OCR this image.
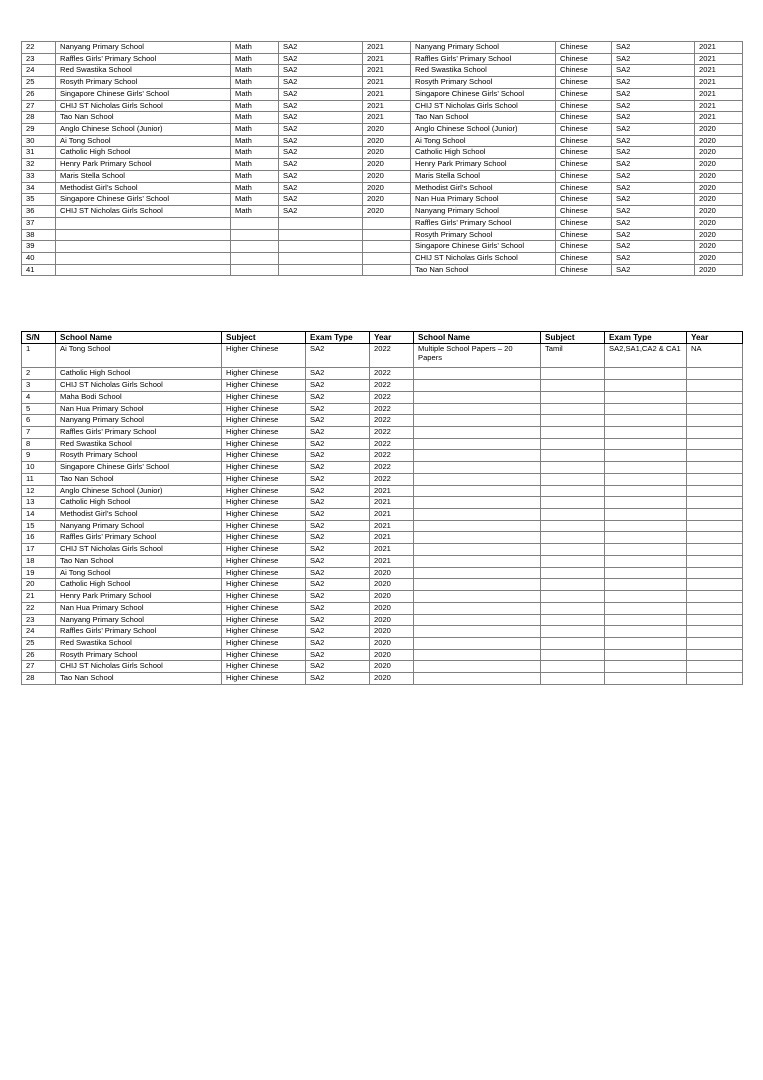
22	Nanyang Primary School	Math	SA2	2021	Nanyang Primary School	Chinese	SA2	2021
23	Raffles Girls’ Primary School	Math	SA2	2021	Raffles Girls’ Primary School	Chinese	SA2	2021
24	Red Swastika School	Math	SA2	2021	Red Swastika School	Chinese	SA2	2021
25	Rosyth Primary School	Math	SA2	2021	Rosyth Primary School	Chinese	SA2	2021
26	Singapore Chinese Girls’ School	Math	SA2	2021	Singapore Chinese Girls’ School	Chinese	SA2	2021
27	CHIJ ST Nicholas Girls School	Math	SA2	2021	CHIJ ST Nicholas Girls School	Chinese	SA2	2021
28	Tao Nan School	Math	SA2	2021	Tao Nan School	Chinese	SA2	2021
29	Anglo Chinese School (Junior)	Math	SA2	2020	Anglo Chinese School (Junior)	Chinese	SA2	2020
30	Ai Tong School	Math	SA2	2020	Ai Tong School	Chinese	SA2	2020
31	Catholic High School	Math	SA2	2020	Catholic High School	Chinese	SA2	2020
32	Henry Park Primary School	Math	SA2	2020	Henry Park Primary School	Chinese	SA2	2020
33	Maris Stella School	Math	SA2	2020	Maris Stella School	Chinese	SA2	2020
34	Methodist Girl’s School	Math	SA2	2020	Methodist Girl’s School	Chinese	SA2	2020
35	Singapore Chinese Girls’ School	Math	SA2	2020	Nan Hua Primary School	Chinese	SA2	2020
36	CHIJ ST Nicholas Girls School	Math	SA2	2020	Nanyang Primary School	Chinese	SA2	2020
37					Raffles Girls’ Primary School	Chinese	SA2	2020
38					Rosyth Primary School	Chinese	SA2	2020
39					Singapore Chinese Girls’ School	Chinese	SA2	2020
40					CHIJ ST Nicholas Girls School	Chinese	SA2	2020
41					Tao Nan School	Chinese	SA2	2020
S/N	School Name	Subject	Exam Type	Year	School Name	Subject	Exam Type	Year
1	Ai Tong School	Higher Chinese	SA2	2022	Multiple School Papers – 20 Papers	Tamil	SA2,SA1,CA2 & CA1	NA
2	Catholic High School	Higher Chinese	SA2	2022				
3	CHIJ ST Nicholas Girls School	Higher Chinese	SA2	2022				
4	Maha Bodi School	Higher Chinese	SA2	2022				
5	Nan Hua Primary School	Higher Chinese	SA2	2022				
6	Nanyang Primary School	Higher Chinese	SA2	2022				
7	Raffles Girls’ Primary School	Higher Chinese	SA2	2022				
8	Red Swastika School	Higher Chinese	SA2	2022				
9	Rosyth Primary School	Higher Chinese	SA2	2022				
10	Singapore Chinese Girls’ School	Higher Chinese	SA2	2022				
11	Tao Nan School	Higher Chinese	SA2	2022				
12	Anglo Chinese School (Junior)	Higher Chinese	SA2	2021				
13	Catholic High School	Higher Chinese	SA2	2021				
14	Methodist Girl’s School	Higher Chinese	SA2	2021				
15	Nanyang Primary School	Higher Chinese	SA2	2021				
16	Raffles Girls’ Primary School	Higher Chinese	SA2	2021				
17	CHIJ ST Nicholas Girls School	Higher Chinese	SA2	2021				
18	Tao Nan School	Higher Chinese	SA2	2021				
19	Ai Tong School	Higher Chinese	SA2	2020				
20	Catholic High School	Higher Chinese	SA2	2020				
21	Henry Park Primary School	Higher Chinese	SA2	2020				
22	Nan Hua Primary School	Higher Chinese	SA2	2020				
23	Nanyang Primary School	Higher Chinese	SA2	2020				
24	Raffles Girls’ Primary School	Higher Chinese	SA2	2020				
25	Red Swastika School	Higher Chinese	SA2	2020				
26	Rosyth Primary School	Higher Chinese	SA2	2020				
27	CHIJ ST Nicholas Girls School	Higher Chinese	SA2	2020				
28	Tao Nan School	Higher Chinese	SA2	2020				
